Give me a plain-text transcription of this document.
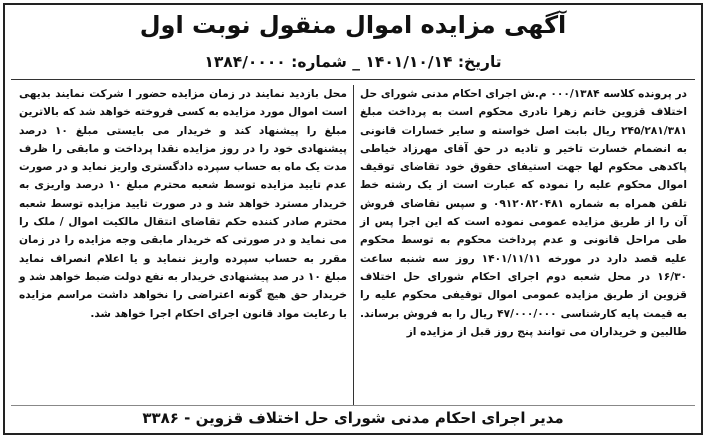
آگهی مزایده اموال منقول نوبت اول
تاریخ: ۱۴۰۱/۱۰/۱۴ _ شماره: ۱۳۸۴/۰۰۰۰

در پرونده کلاسه ۰۰۰/۱۳۸۴ م.ش اجرای احکام مدنی شورای حل اختلاف قزوین خانم زهرا نادری محکوم است به پرداخت مبلغ ۲۴۵/۲۸۱/۳۸۱ ریال بابت اصل خواسته و سایر خسارات قانونی به انضمام خسارت تاخیر و تادیه در حق آقای مهرزاد خیاطی پاکدهی محکوم لها جهت استیفای حقوق خود تقاضای توقیف اموال محکوم علیه را نموده که عبارت است از یک رشته خط تلفن همراه به شماره ۰۹۱۲۰۸۲۰۴۸۱ و سپس تقاضای فروش آن را از طریق مزایده عمومی نموده است که این اجرا پس از طی مراحل قانونی و عدم پرداخت محکوم به توسط محکوم علیه قصد دارد در مورخه ۱۴۰۱/۱۱/۱۱ روز سه شنبه ساعت ۱۶/۳۰ در محل شعبه دوم اجرای احکام شورای حل اختلاف قزوین از طریق مزایده عمومی اموال توقیفی محکوم علیه را به قیمت پایه کارشناسی ۴۷/۰۰۰/۰۰۰ ریال را به فروش برساند. طالبین و خریداران می توانند پنج روز قبل از مزایده از

محل بازدید نمایند در زمان مزایده حضور ا شرکت نمایند بدیهی است اموال مورد مزایده به کسی فروخته خواهد شد که بالاترین مبلغ را پیشنهاد کند و خریدار می بایستی مبلغ ۱۰ درصد پیشنهادی خود را در روز مزایده نقدا پرداخت و مابقی را ظرف مدت یک ماه به حساب سپرده دادگستری واریز نماید و در صورت عدم تایید مزایده توسط شعبه محترم مبلغ ۱۰ درصد واریزی به خریدار مسترد خواهد شد و در صورت تایید مزایده توسط شعبه محترم صادر کننده حکم تقاضای انتقال مالکیت اموال / ملک را می نماید و در صورتی که خریدار مابقی وجه مزایده را در زمان مقرر به حساب سپرده واریز ننماید و یا اعلام انصراف نماید مبلغ ۱۰ در صد پیشنهادی خریدار به نفع دولت ضبط خواهد شد و خریدار حق هیچ گونه اعتراضی را نخواهد داشت مراسم مزایده با رعایت مواد قانون اجرای احکام اجرا خواهد شد.

مدیر اجرای احکام مدنی شورای حل اختلاف قزوین - ۳۳۸۶
